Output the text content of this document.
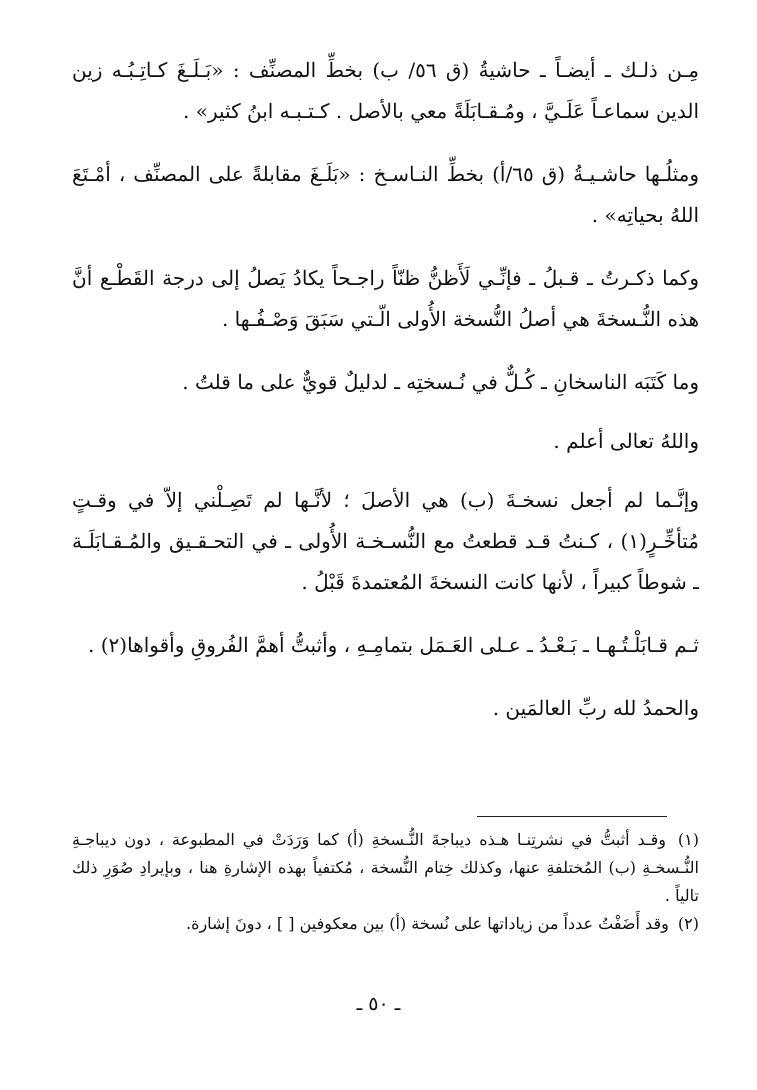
مِـن ذلـك ـ أيضـاً ـ حاشيةُ (ق ٥٦/ ب) بخطِّ المصنِّف : «بَـلَـغَ كـاتِـبُـه زين الدين سماعـاً عَلَـيَّ ، ومُـقـابَلَةً معي بالأصل . كـتـبـه ابنُ كثير» .

ومثلُـها حاشـيـةُ (ق ٦٥/أ) بخطِّ النـاسـخ : «بَلَـغَ مقابلةً على المصنِّف ، أمْـتَعَ اللهُ بحياتِه» .

وكما ذكـرتُ ـ قـبلُ ـ فإنِّـي لَأَظنُّ ظنّاً راجـحاً يكادُ يَصلُ إلى درجة القَطْـع أنَّ هذه النُّـسخةَ هي أصلُ النُّسخة الأُولى الّـتي سَبَقَ وَصْـفُـها .

وما كَتَبَه الناسخانِ ـ كُـلٌّ في نُـسختِه ـ لدليلٌ قويٌّ على ما قلتُ .

واللهُ تعالى أعلم .

وإنَّـما لم أجعل نسخـةَ (ب) هي الأصلَ ؛ لأنَّـها لم تَصِـلْني إلاّ في وقـتٍ مُتأخِّـرٍ(١) ، كـنتُ قـد قطعتُ مع النُّسـخـة الأُولى ـ في التحـقـيق والمُـقـابَلَـة ـ شوطاً كبيراً ، لأنها كانت النسخةَ المُعتمدةَ قَبْلُ .

ثـم قـابَلْـتُـهـا ـ بَـعْـدُ ـ عـلى العَـمَل بتمامِـهِ ، وأثبتُّ أهمَّ الفُروقِ وأقواها(٢) .

والحمدُ لله ربِّ العالمَين .

(١) وقـد أثبتُّ في نشرتِنـا هـذه ديباجةَ النُّـسخةِ (أ) كما وَرَدَتْ في المطبوعة ، دون ديباجـةِ النُّـسخـةِ (ب) المُختلفةِ عنها، وكذلك خِتام النُّسخة ، مُكتفياً بهذه الإشارةِ هنا ، وبإيرادِ صُوَرِ ذلك تالياً .

(٢) وقد أَضَفْتُ عدداً من زياداتها على نُسخة (أ) بين معكوفين [ ] ، دونَ إشارة.

ـ ٥٠ ـ
